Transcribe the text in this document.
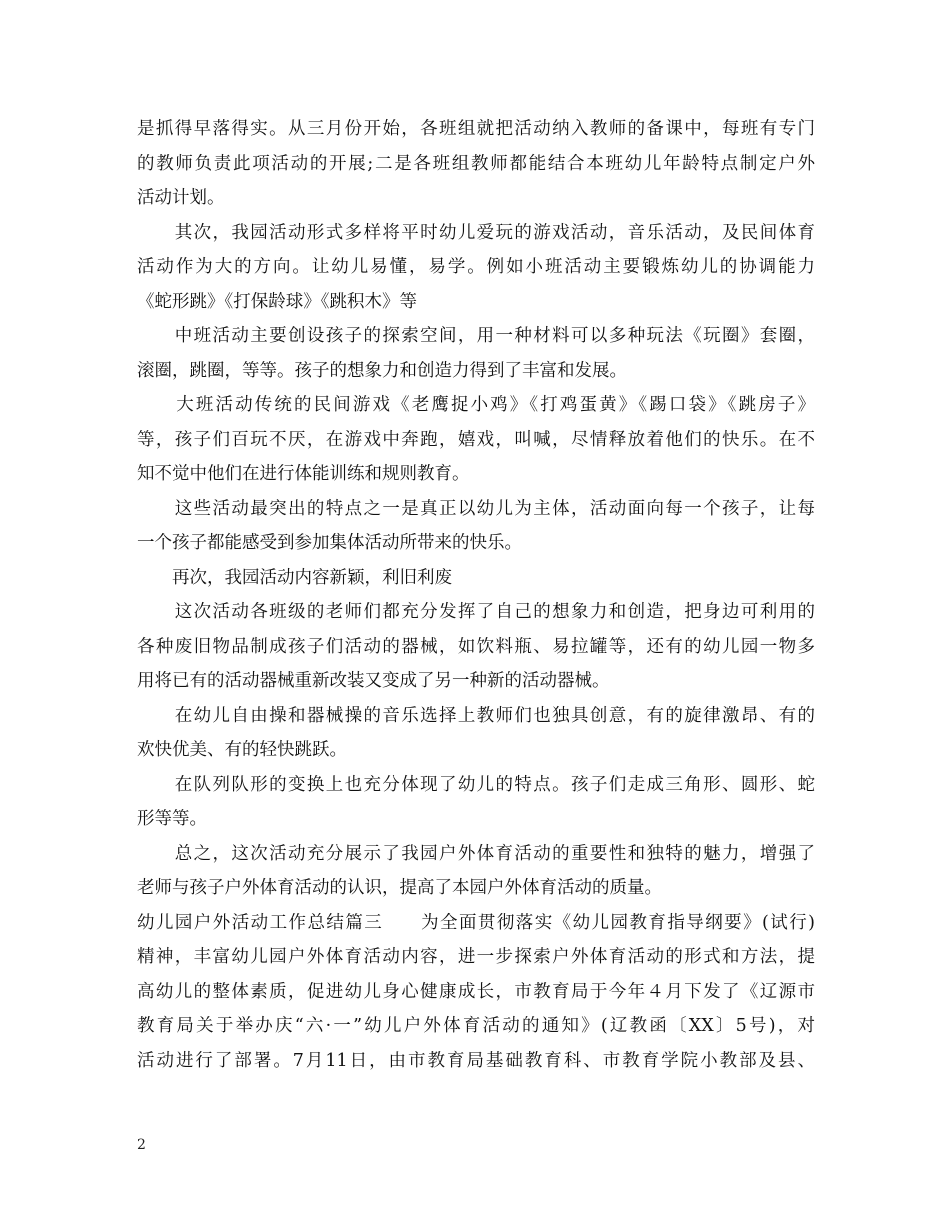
是抓得早落得实。从三月份开始，各班组就把活动纳入教师的备课中，每班有专门
的教师负责此项活动的开展;二是各班组教师都能结合本班幼儿年龄特点制定户外
活动计划。
　　其次，我园活动形式多样将平时幼儿爱玩的游戏活动，音乐活动，及民间体育
活动作为大的方向。让幼儿易懂，易学。例如小班活动主要锻炼幼儿的协调能力
《蛇形跳》《打保龄球》《跳积木》等
　　中班活动主要创设孩子的探索空间，用一种材料可以多种玩法《玩圈》套圈，
滚圈，跳圈，等等。孩子的想象力和创造力得到了丰富和发展。
　　大班活动传统的民间游戏《老鹰捉小鸡》《打鸡蛋黄》《踢口袋》《跳房子》
等，孩子们百玩不厌，在游戏中奔跑，嬉戏，叫喊，尽情释放着他们的快乐。在不
知不觉中他们在进行体能训练和规则教育。
　　这些活动最突出的特点之一是真正以幼儿为主体，活动面向每一个孩子，让每
一个孩子都能感受到参加集体活动所带来的快乐。
　　再次，我园活动内容新颖，利旧利废
　　这次活动各班级的老师们都充分发挥了自己的想象力和创造，把身边可利用的
各种废旧物品制成孩子们活动的器械，如饮料瓶、易拉罐等，还有的幼儿园一物多
用将已有的活动器械重新改装又变成了另一种新的活动器械。
　　在幼儿自由操和器械操的音乐选择上教师们也独具创意，有的旋律激昂、有的
欢快优美、有的轻快跳跃。
　　在队列队形的变换上也充分体现了幼儿的特点。孩子们走成三角形、圆形、蛇
形等等。
　　总之，这次活动充分展示了我园户外体育活动的重要性和独特的魅力，增强了
老师与孩子户外体育活动的认识，提高了本园户外体育活动的质量。
幼儿园户外活动工作总结篇三　　为全面贯彻落实《幼儿园教育指导纲要》(试行)
精神，丰富幼儿园户外体育活动内容，进一步探索户外体育活动的形式和方法，提
高幼儿的整体素质，促进幼儿身心健康成长，市教育局于今年４月下发了《辽源市
教育局关于举办庆“六·一”幼儿户外体育活动的通知》(辽教函〔XX〕5号)，对
活动进行了部署。7月11日，由市教育局基础教育科、市教育学院小教部及县、
2
